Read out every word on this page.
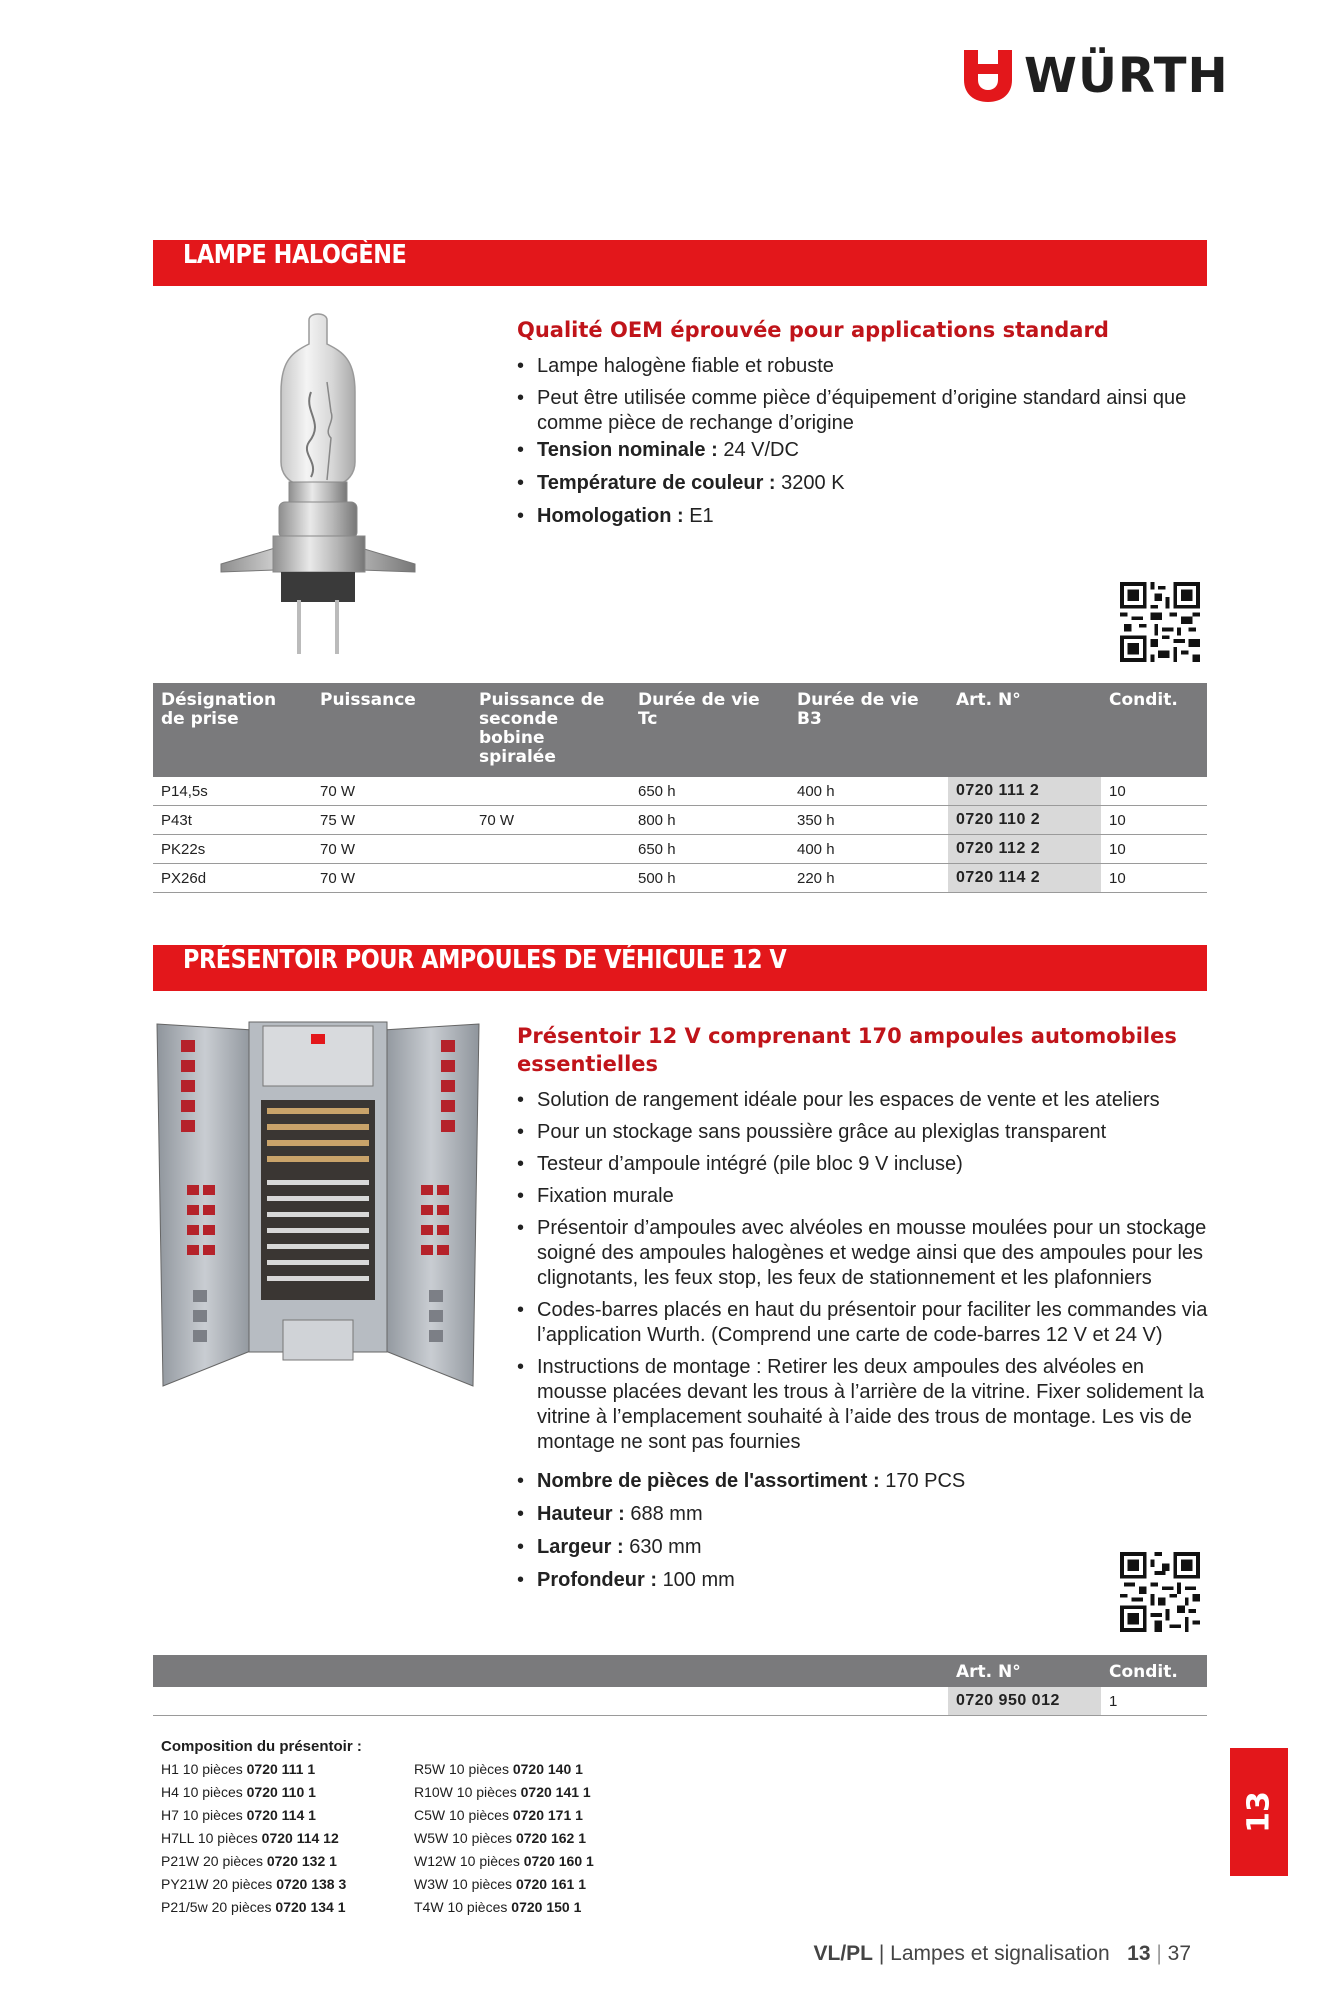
WÜRTH
LAMPE HALOGÈNE
Qualité OEM éprouvée pour applications standard
• Lampe halogène fiable et robuste
• Peut être utilisée comme pièce d’équipement d’origine standard ainsi que comme pièce de rechange d’origine
• Tension nominale : 24 V/DC
• Température de couleur : 3200 K
• Homologation : E1
Désignation de prise	Puissance	Puissance de seconde bobine spiralée	Durée de vie Tc	Durée de vie B3	Art. N°	Condit.
P14,5s	70 W		650 h	400 h	0720 111 2	10
P43t	75 W	70 W	800 h	350 h	0720 110 2	10
PK22s	70 W		650 h	400 h	0720 112 2	10
PX26d	70 W		500 h	220 h	0720 114 2	10
PRÉSENTOIR POUR AMPOULES DE VÉHICULE 12 V
Présentoir 12 V comprenant 170 ampoules automobiles essentielles
• Solution de rangement idéale pour les espaces de vente et les ateliers
• Pour un stockage sans poussière grâce au plexiglas transparent
• Testeur d’ampoule intégré (pile bloc 9 V incluse)
• Fixation murale
• Présentoir d’ampoules avec alvéoles en mousse moulées pour un stockage soigné des ampoules halogènes et wedge ainsi que des ampoules pour les clignotants, les feux stop, les feux de stationnement et les plafonniers
• Codes-barres placés en haut du présentoir pour faciliter les commandes via l’application Wurth. (Comprend une carte de code-barres 12 V et 24 V)
• Instructions de montage : Retirer les deux ampoules des alvéoles en mousse placées devant les trous à l’arrière de la vitrine. Fixer solidement la vitrine à l’emplacement souhaité à l’aide des trous de montage. Les vis de montage ne sont pas fournies
• Nombre de pièces de l'assortiment : 170 PCS
• Hauteur : 688 mm
• Largeur : 630 mm
• Profondeur : 100 mm
	Art. N°	Condit.
	0720 950 012	1
Composition du présentoir :
H1 10 pièces 0720 111 1
H4 10 pièces 0720 110 1
H7 10 pièces 0720 114 1
H7LL 10 pièces 0720 114 12
P21W 20 pièces 0720 132 1
PY21W 20 pièces 0720 138 3
P21/5w 20 pièces 0720 134 1
R5W 10 pièces 0720 140 1
R10W 10 pièces 0720 141 1
C5W 10 pièces 0720 171 1
W5W 10 pièces 0720 162 1
W12W 10 pièces 0720 160 1
W3W 10 pièces 0720 161 1
T4W 10 pièces 0720 150 1
13
VL/PL | Lampes et signalisation 13 | 37
